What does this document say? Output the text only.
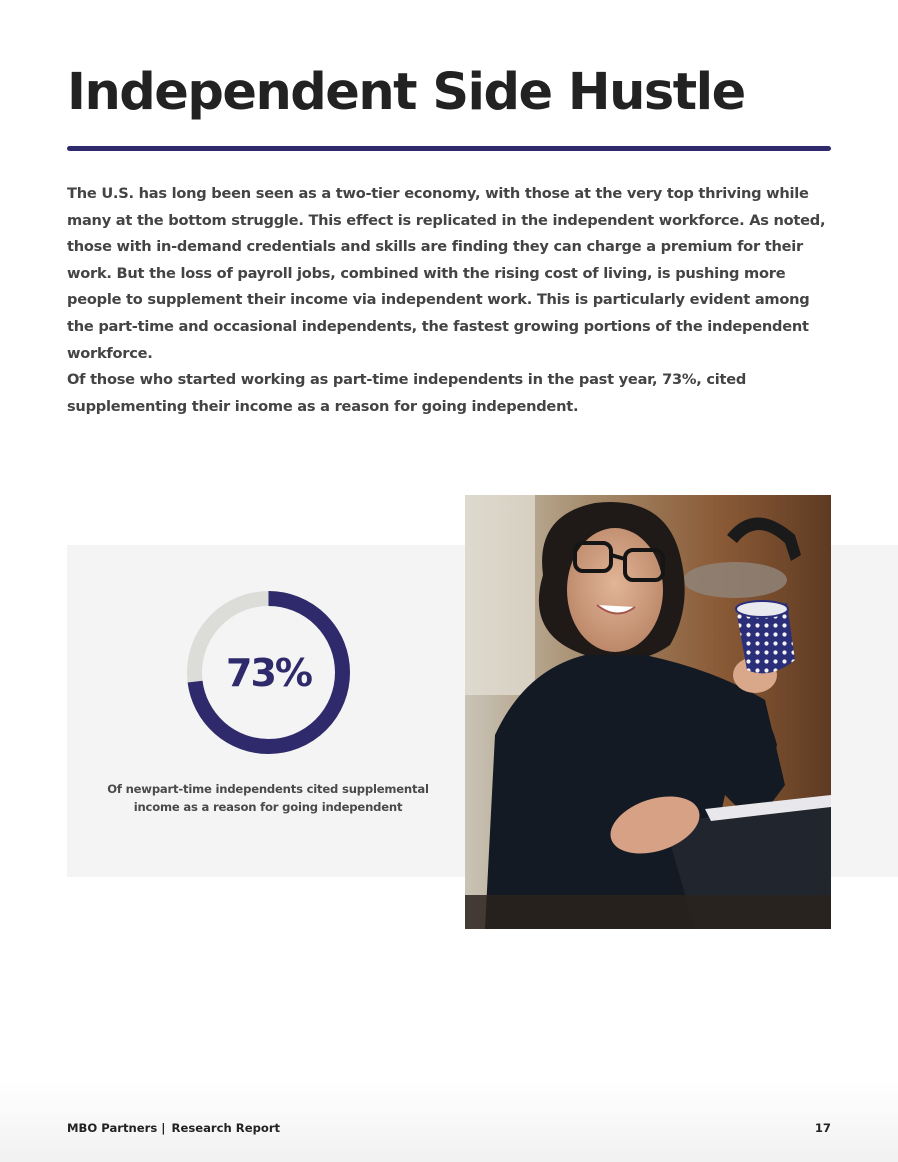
Independent Side Hustle

The U.S. has long been seen as a two-tier economy, with those at the very top thriving while many at the bottom struggle. This effect is replicated in the independent workforce. As noted, those with in-demand credentials and skills are finding they can charge a premium for their work. But the loss of payroll jobs, combined with the rising cost of living, is pushing more people to supplement their income via independent work. This is particularly evident among the part-time and occasional independents, the fastest growing portions of the independent workforce.

Of those who started working as part-time independents in the past year, 73%, cited supplementing their income as a reason for going independent.

73%

Of newpart-time independents cited supplemental income as a reason for going independent

MBO Partners | Research Report	17
